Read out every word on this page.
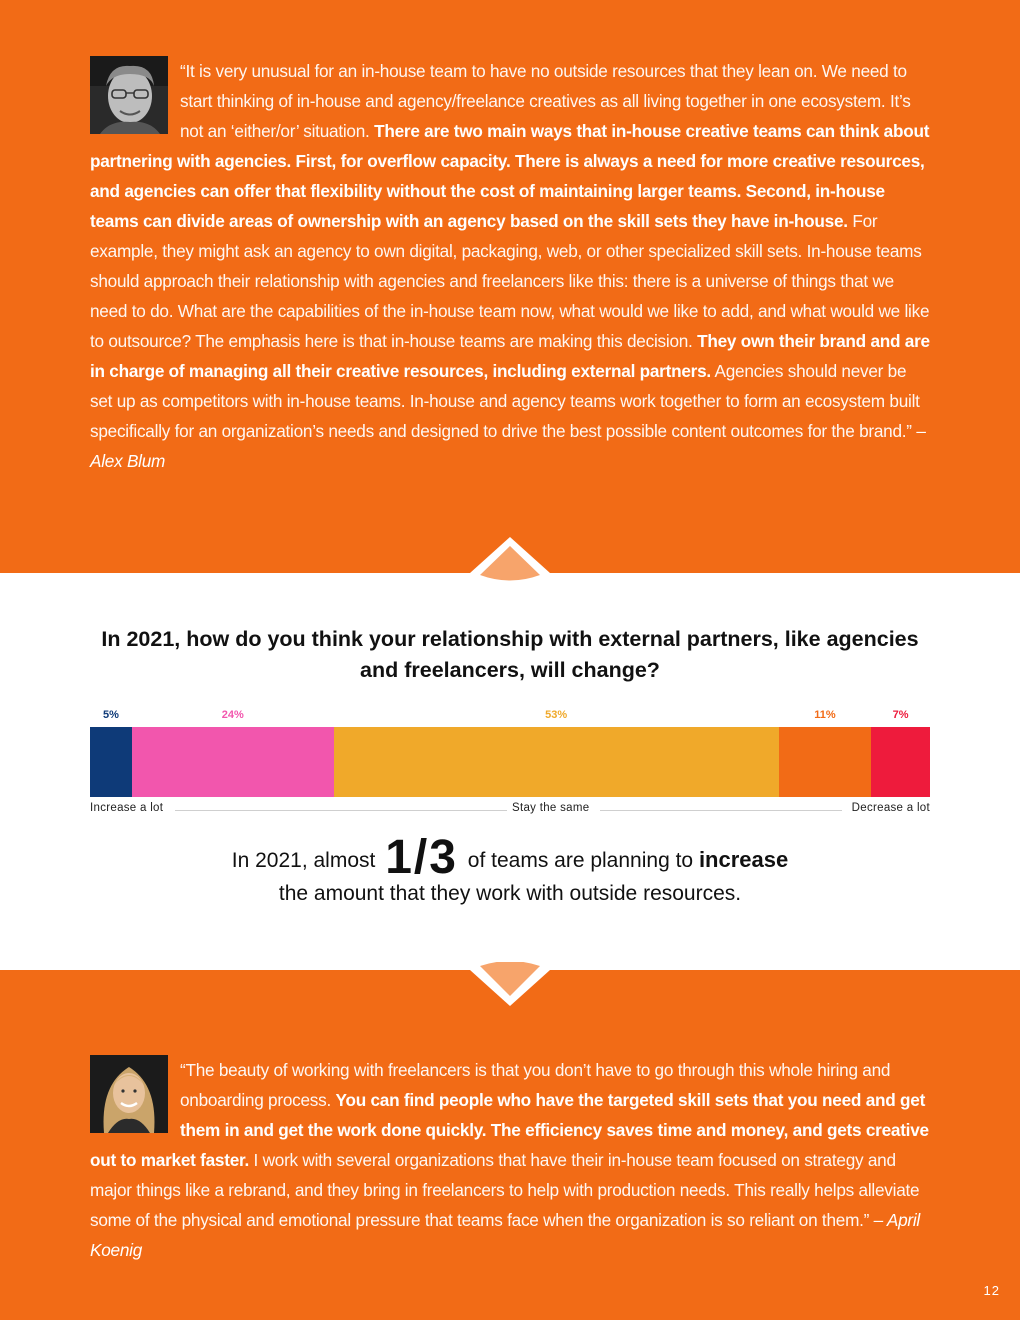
“It is very unusual for an in-house team to have no outside resources that they lean on. We need to start thinking of in-house and agency/freelance creatives as all living together in one ecosystem. It’s not an ‘either/or’ situation. There are two main ways that in-house creative teams can think about partnering with agencies. First, for overflow capacity. There is always a need for more creative resources, and agencies can offer that flexibility without the cost of maintaining larger teams. Second, in-house teams can divide areas of ownership with an agency based on the skill sets they have in-house. For example, they might ask an agency to own digital, packaging, web, or other specialized skill sets. In-house teams should approach their relationship with agencies and freelancers like this: there is a universe of things that we need to do. What are the capabilities of the in-house team now, what would we like to add, and what would we like to outsource? The emphasis here is that in-house teams are making this decision. They own their brand and are in charge of managing all their creative resources, including external partners. Agencies should never be set up as competitors with in-house teams. In-house and agency teams work together to form an ecosystem built specifically for an organization’s needs and designed to drive the best possible content outcomes for the brand.” – Alex Blum
In 2021, how do you think your relationship with external partners, like agencies and freelancers, will change?
Increase a lot	Stay the same	Decrease a lot
5%	24%	53%	11%	7%
In 2021, almost 1/3 of teams are planning to increase
the amount that they work with outside resources.
“The beauty of working with freelancers is that you don’t have to go through this whole hiring and onboarding process. You can find people who have the targeted skill sets that you need and get them in and get the work done quickly. The efficiency saves time and money, and gets creative out to market faster. I work with several organizations that have their in-house team focused on strategy and major things like a rebrand, and they bring in freelancers to help with production needs. This really helps alleviate some of the physical and emotional pressure that teams face when the organization is so reliant on them.” – April Koenig
12
